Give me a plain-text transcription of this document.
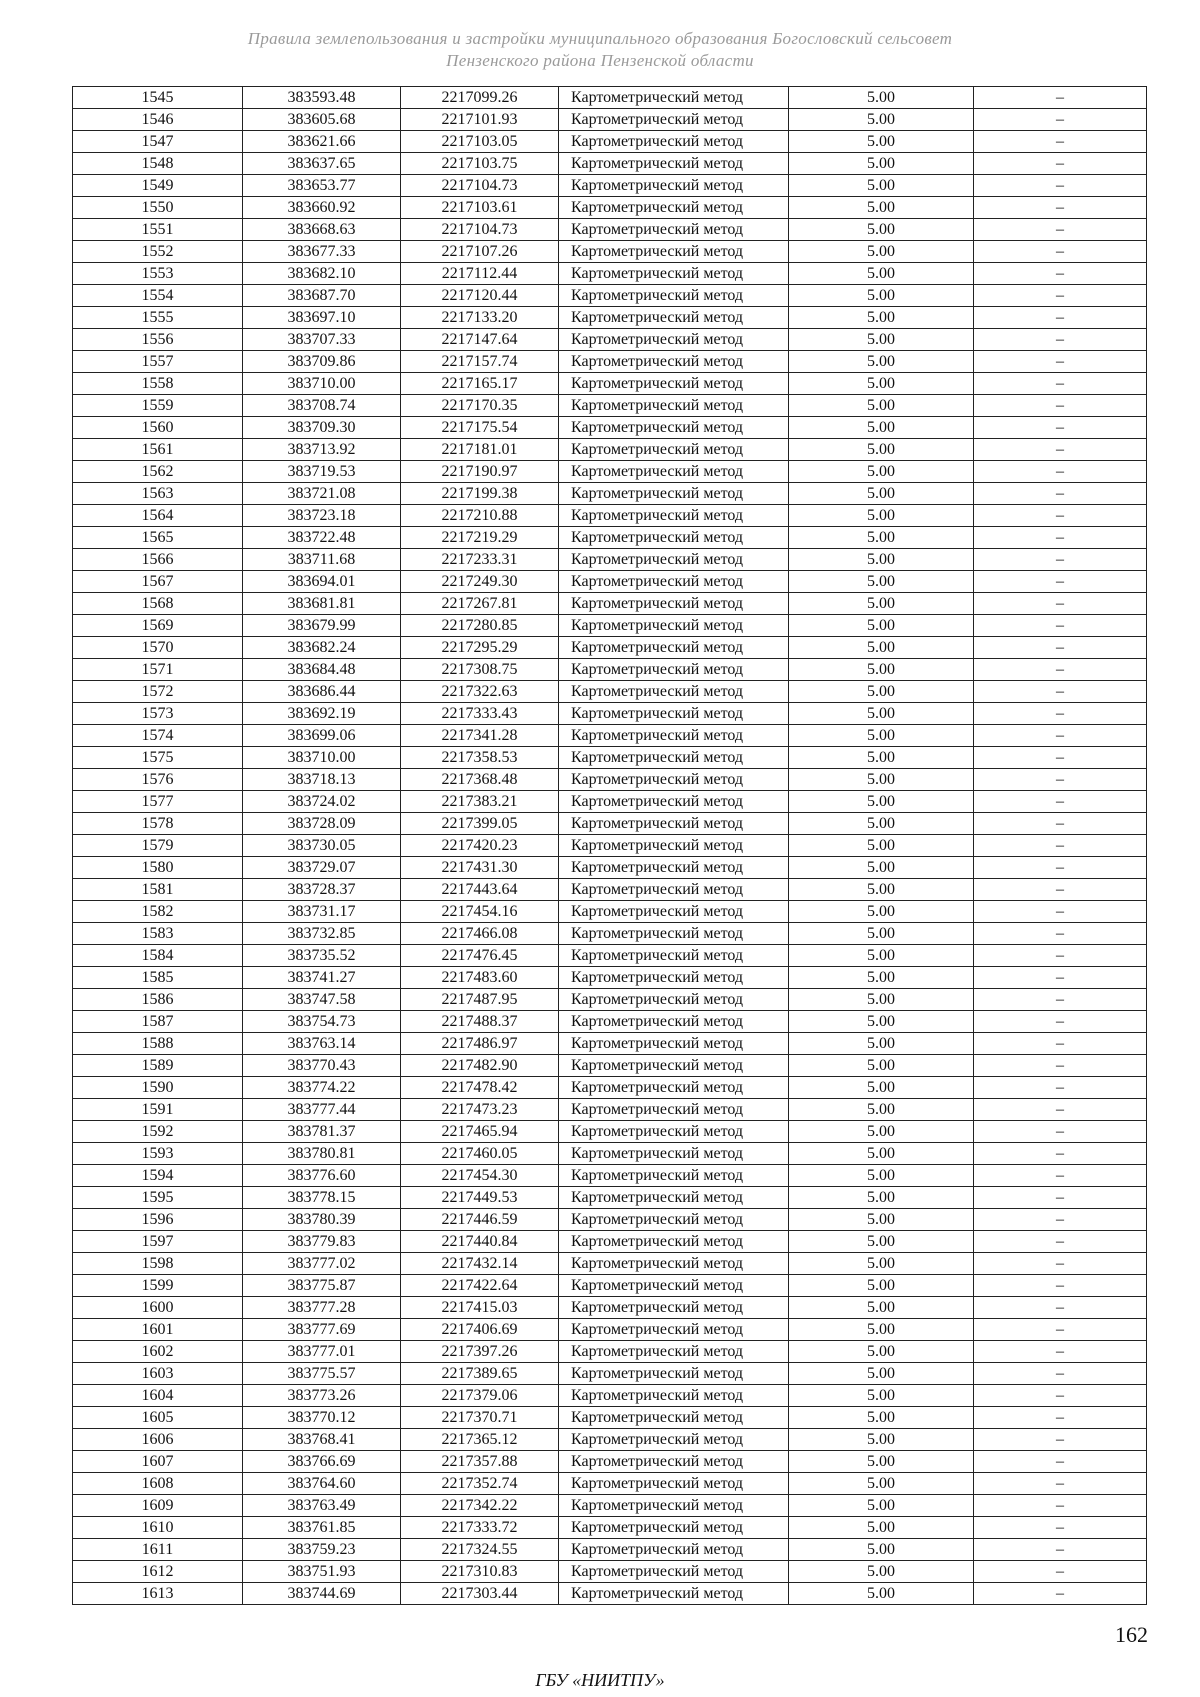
Правила землепользования и застройки муниципального образования Богословский сельсовет
Пензенского района Пензенской области
1545	383593.48	2217099.26	Картометрический метод	5.00	–
1546	383605.68	2217101.93	Картометрический метод	5.00	–
1547	383621.66	2217103.05	Картометрический метод	5.00	–
1548	383637.65	2217103.75	Картометрический метод	5.00	–
1549	383653.77	2217104.73	Картометрический метод	5.00	–
1550	383660.92	2217103.61	Картометрический метод	5.00	–
1551	383668.63	2217104.73	Картометрический метод	5.00	–
1552	383677.33	2217107.26	Картометрический метод	5.00	–
1553	383682.10	2217112.44	Картометрический метод	5.00	–
1554	383687.70	2217120.44	Картометрический метод	5.00	–
1555	383697.10	2217133.20	Картометрический метод	5.00	–
1556	383707.33	2217147.64	Картометрический метод	5.00	–
1557	383709.86	2217157.74	Картометрический метод	5.00	–
1558	383710.00	2217165.17	Картометрический метод	5.00	–
1559	383708.74	2217170.35	Картометрический метод	5.00	–
1560	383709.30	2217175.54	Картометрический метод	5.00	–
1561	383713.92	2217181.01	Картометрический метод	5.00	–
1562	383719.53	2217190.97	Картометрический метод	5.00	–
1563	383721.08	2217199.38	Картометрический метод	5.00	–
1564	383723.18	2217210.88	Картометрический метод	5.00	–
1565	383722.48	2217219.29	Картометрический метод	5.00	–
1566	383711.68	2217233.31	Картометрический метод	5.00	–
1567	383694.01	2217249.30	Картометрический метод	5.00	–
1568	383681.81	2217267.81	Картометрический метод	5.00	–
1569	383679.99	2217280.85	Картометрический метод	5.00	–
1570	383682.24	2217295.29	Картометрический метод	5.00	–
1571	383684.48	2217308.75	Картометрический метод	5.00	–
1572	383686.44	2217322.63	Картометрический метод	5.00	–
1573	383692.19	2217333.43	Картометрический метод	5.00	–
1574	383699.06	2217341.28	Картометрический метод	5.00	–
1575	383710.00	2217358.53	Картометрический метод	5.00	–
1576	383718.13	2217368.48	Картометрический метод	5.00	–
1577	383724.02	2217383.21	Картометрический метод	5.00	–
1578	383728.09	2217399.05	Картометрический метод	5.00	–
1579	383730.05	2217420.23	Картометрический метод	5.00	–
1580	383729.07	2217431.30	Картометрический метод	5.00	–
1581	383728.37	2217443.64	Картометрический метод	5.00	–
1582	383731.17	2217454.16	Картометрический метод	5.00	–
1583	383732.85	2217466.08	Картометрический метод	5.00	–
1584	383735.52	2217476.45	Картометрический метод	5.00	–
1585	383741.27	2217483.60	Картометрический метод	5.00	–
1586	383747.58	2217487.95	Картометрический метод	5.00	–
1587	383754.73	2217488.37	Картометрический метод	5.00	–
1588	383763.14	2217486.97	Картометрический метод	5.00	–
1589	383770.43	2217482.90	Картометрический метод	5.00	–
1590	383774.22	2217478.42	Картометрический метод	5.00	–
1591	383777.44	2217473.23	Картометрический метод	5.00	–
1592	383781.37	2217465.94	Картометрический метод	5.00	–
1593	383780.81	2217460.05	Картометрический метод	5.00	–
1594	383776.60	2217454.30	Картометрический метод	5.00	–
1595	383778.15	2217449.53	Картометрический метод	5.00	–
1596	383780.39	2217446.59	Картометрический метод	5.00	–
1597	383779.83	2217440.84	Картометрический метод	5.00	–
1598	383777.02	2217432.14	Картометрический метод	5.00	–
1599	383775.87	2217422.64	Картометрический метод	5.00	–
1600	383777.28	2217415.03	Картометрический метод	5.00	–
1601	383777.69	2217406.69	Картометрический метод	5.00	–
1602	383777.01	2217397.26	Картометрический метод	5.00	–
1603	383775.57	2217389.65	Картометрический метод	5.00	–
1604	383773.26	2217379.06	Картометрический метод	5.00	–
1605	383770.12	2217370.71	Картометрический метод	5.00	–
1606	383768.41	2217365.12	Картометрический метод	5.00	–
1607	383766.69	2217357.88	Картометрический метод	5.00	–
1608	383764.60	2217352.74	Картометрический метод	5.00	–
1609	383763.49	2217342.22	Картометрический метод	5.00	–
1610	383761.85	2217333.72	Картометрический метод	5.00	–
1611	383759.23	2217324.55	Картометрический метод	5.00	–
1612	383751.93	2217310.83	Картометрический метод	5.00	–
1613	383744.69	2217303.44	Картометрический метод	5.00	–
162
ГБУ «НИИТПУ»
